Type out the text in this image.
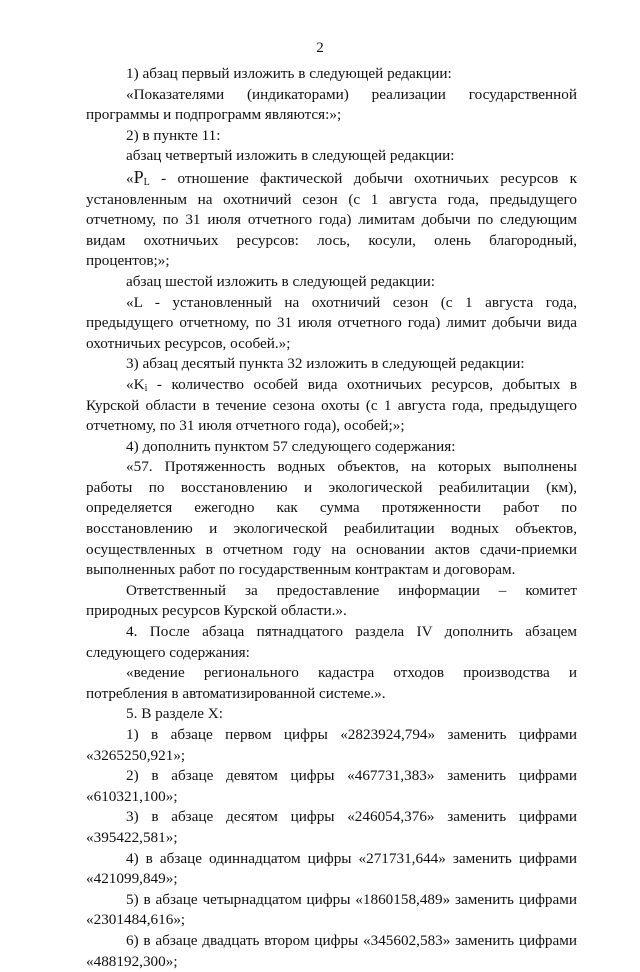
2

1) абзац первый изложить в следующей редакции:

«Показателями (индикаторами) реализации государственной программы и подпрограмм являются:»;

2) в пункте 11:

абзац четвертый изложить в следующей редакции:

«$P_L$ - отношение фактической добычи охотничьих ресурсов к установленным на охотничий сезон (с 1 августа года, предыдущего отчетному, по 31 июля отчетного года) лимитам добычи по следующим видам охотничьих ресурсов: лось, косули, олень благородный, процентов;»;

абзац шестой изложить в следующей редакции:

«L - установленный на охотничий сезон (с 1 августа года, предыдущего отчетному, по 31 июля отчетного года) лимит добычи вида охотничьих ресурсов, особей.»;

3) абзац десятый пункта 32 изложить в следующей редакции:

«$K_i$ - количество особей вида охотничьих ресурсов, добытых в Курской области в течение сезона охоты (с 1 августа года, предыдущего отчетному, по 31 июля отчетного года), особей;»;

4) дополнить пунктом 57 следующего содержания:

«57. Протяженность водных объектов, на которых выполнены работы по восстановлению и экологической реабилитации (км), определяется ежегодно как сумма протяженности работ по восстановлению и экологической реабилитации водных объектов, осуществленных в отчетном году на основании актов сдачи-приемки выполненных работ по государственным контрактам и договорам.

Ответственный за предоставление информации – комитет природных ресурсов Курской области.».

4. После абзаца пятнадцатого раздела IV дополнить абзацем следующего содержания:

«ведение регионального кадастра отходов производства и потребления в автоматизированной системе.».

5. В разделе X:

1) в абзаце первом цифры «2823924,794» заменить цифрами «3265250,921»;

2) в абзаце девятом цифры «467731,383» заменить цифрами «610321,100»;

3) в абзаце десятом цифры «246054,376» заменить цифрами «395422,581»;

4) в абзаце одиннадцатом цифры «271731,644» заменить цифрами «421099,849»;

5) в абзаце четырнадцатом цифры «1860158,489» заменить цифрами «2301484,616»;

6) в абзаце двадцать втором цифры «345602,583» заменить цифрами «488192,300»;
